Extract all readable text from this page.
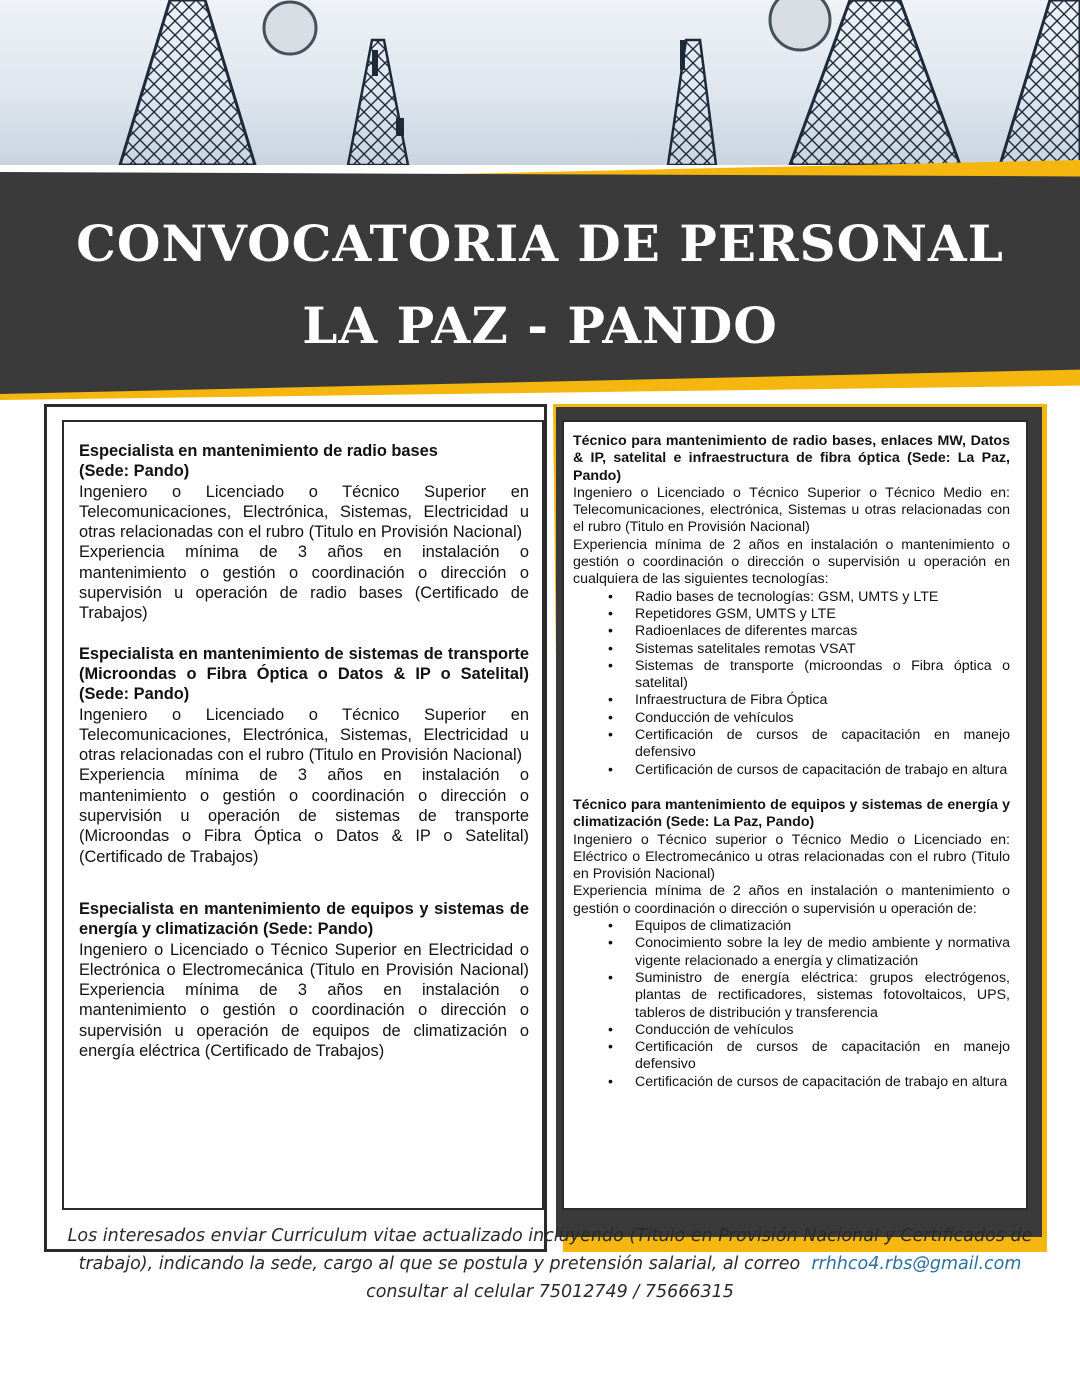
CONVOCATORIA DE PERSONAL
LA PAZ - PANDO

Especialista en mantenimiento de radio bases

(Sede: Pando)

Ingeniero o Licenciado o Técnico Superior en Telecomunicaciones, Electrónica, Sistemas, Electricidad u otras relacionadas con el rubro (Titulo en Provisión Nacional)

Experiencia mínima de 3 años en instalación o mantenimiento o gestión o coordinación o dirección o supervisión u operación de radio bases (Certificado de Trabajos)

Especialista en mantenimiento de sistemas de transporte (Microondas o Fibra Óptica o Datos & IP o Satelital) (Sede: Pando)

Ingeniero o Licenciado o Técnico Superior en Telecomunicaciones, Electrónica, Sistemas, Electricidad u otras relacionadas con el rubro (Titulo en Provisión Nacional)

Experiencia mínima de 3 años en instalación o mantenimiento o gestión o coordinación o dirección o supervisión u operación de sistemas de transporte (Microondas o Fibra Óptica o Datos & IP o Satelital) (Certificado de Trabajos)

Especialista en mantenimiento de equipos y sistemas de energía y climatización (Sede: Pando)

Ingeniero o Licenciado o Técnico Superior en Electricidad o Electrónica o Electromecánica (Titulo en Provisión Nacional) Experiencia mínima de 3 años en instalación o mantenimiento o gestión o coordinación o dirección o supervisión u operación de equipos de climatización o energía eléctrica (Certificado de Trabajos)

Técnico para mantenimiento de radio bases, enlaces MW, Datos & IP, satelital e infraestructura de fibra óptica (Sede: La Paz, Pando)

Ingeniero o Licenciado o Técnico Superior o Técnico Medio en: Telecomunicaciones, electrónica, Sistemas u otras relacionadas con el rubro (Titulo en Provisión Nacional)

Experiencia mínima de 2 años en instalación o mantenimiento o gestión o coordinación o dirección o supervisión u operación en cualquiera de las siguientes tecnologías:

• Radio bases de tecnologías: GSM, UMTS y LTE
• Repetidores GSM, UMTS y LTE
• Radioenlaces de diferentes marcas
• Sistemas satelitales remotas VSAT
• Sistemas de transporte (microondas o Fibra óptica o satelital)
• Infraestructura de Fibra Óptica
• Conducción de vehículos
• Certificación de cursos de capacitación en manejo defensivo
• Certificación de cursos de capacitación de trabajo en altura

Técnico para mantenimiento de equipos y sistemas de energía y climatización (Sede: La Paz, Pando)

Ingeniero o Técnico superior o Técnico Medio o Licenciado en: Eléctrico o Electromecánico u otras relacionadas con el rubro (Titulo en Provisión Nacional)

Experiencia mínima de 2 años en instalación o mantenimiento o gestión o coordinación o dirección o supervisión u operación de:

• Equipos de climatización
• Conocimiento sobre la ley de medio ambiente y normativa vigente relacionado a energía y climatización
• Suministro de energía eléctrica: grupos electrógenos, plantas de rectificadores, sistemas fotovoltaicos, UPS, tableros de distribución y transferencia
• Conducción de vehículos
• Certificación de cursos de capacitación en manejo defensivo
• Certificación de cursos de capacitación de trabajo en altura
Los interesados enviar Curriculum vitae actualizado incluyendo (Titulo en Provisión Nacional y Certificados de
trabajo), indicando la sede, cargo al que se postula y pretensión salarial, al correo rrhhco4.rbs@gmail.com
consultar al celular 75012749 / 75666315
